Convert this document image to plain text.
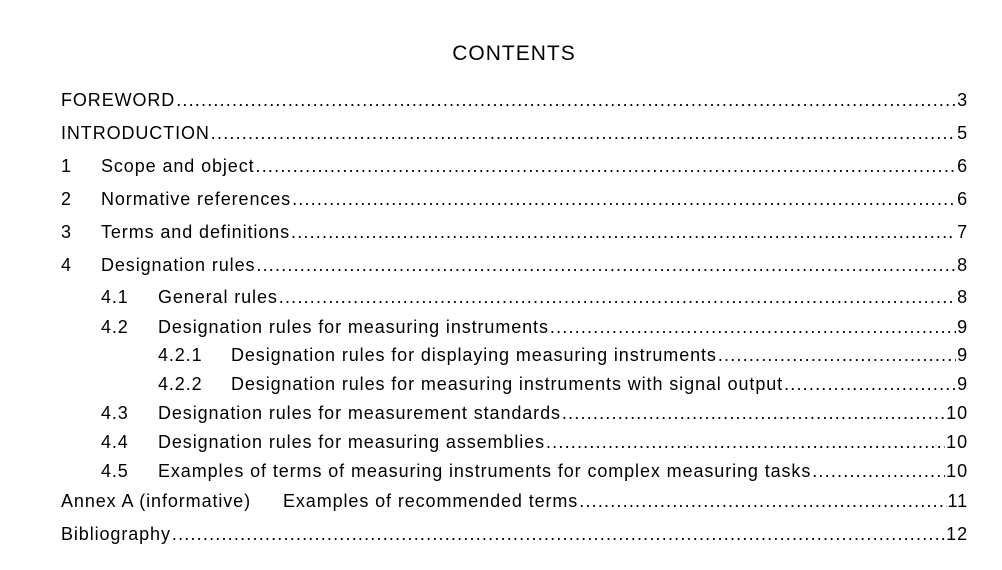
CONTENTS
FOREWORD .....	3
INTRODUCTION .....	5
1	Scope and object .....	6
2	Normative references .....	6
3	Terms and definitions .....	7
4	Designation rules .....	8
4.1	General rules .....	8
4.2	Designation rules for measuring instruments .....	9
4.2.1	Designation rules for displaying measuring instruments .....	9
4.2.2	Designation rules for measuring instruments with signal output .....	9
4.3	Designation rules for measurement standards .....	10
4.4	Designation rules for measuring assemblies .....	10
4.5	Examples of terms of measuring instruments for complex measuring tasks .....	10
Annex A (informative)	Examples of recommended terms .....	11
Bibliography .....	12
